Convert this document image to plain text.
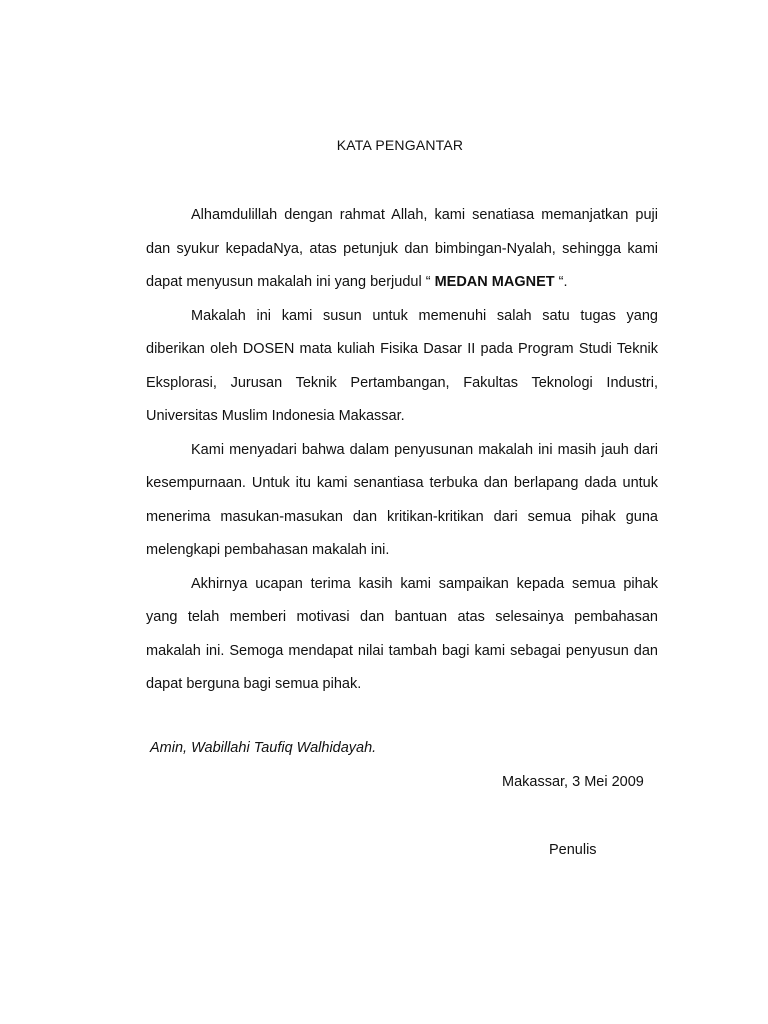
KATA PENGANTAR

Alhamdulillah dengan rahmat Allah, kami senatiasa memanjatkan puji dan syukur kepadaNya, atas petunjuk dan bimbingan-Nyalah, sehingga kami dapat menyusun makalah ini yang berjudul “ MEDAN MAGNET “.

Makalah ini kami susun untuk memenuhi salah satu tugas yang diberikan oleh DOSEN mata kuliah Fisika Dasar II pada Program Studi Teknik Eksplorasi, Jurusan Teknik Pertambangan, Fakultas Teknologi Industri, Universitas Muslim Indonesia Makassar.

Kami menyadari bahwa dalam penyusunan makalah ini masih jauh dari kesempurnaan. Untuk itu kami senantiasa terbuka dan berlapang dada untuk menerima masukan-masukan dan kritikan-kritikan dari semua pihak guna melengkapi pembahasan makalah ini.

Akhirnya ucapan terima kasih kami sampaikan kepada semua pihak yang telah memberi motivasi dan bantuan atas selesainya pembahasan makalah ini. Semoga mendapat nilai tambah bagi kami sebagai penyusun dan dapat berguna bagi semua pihak.

Amin, Wabillahi Taufiq Walhidayah.
Makassar, 3 Mei 2009
Penulis
